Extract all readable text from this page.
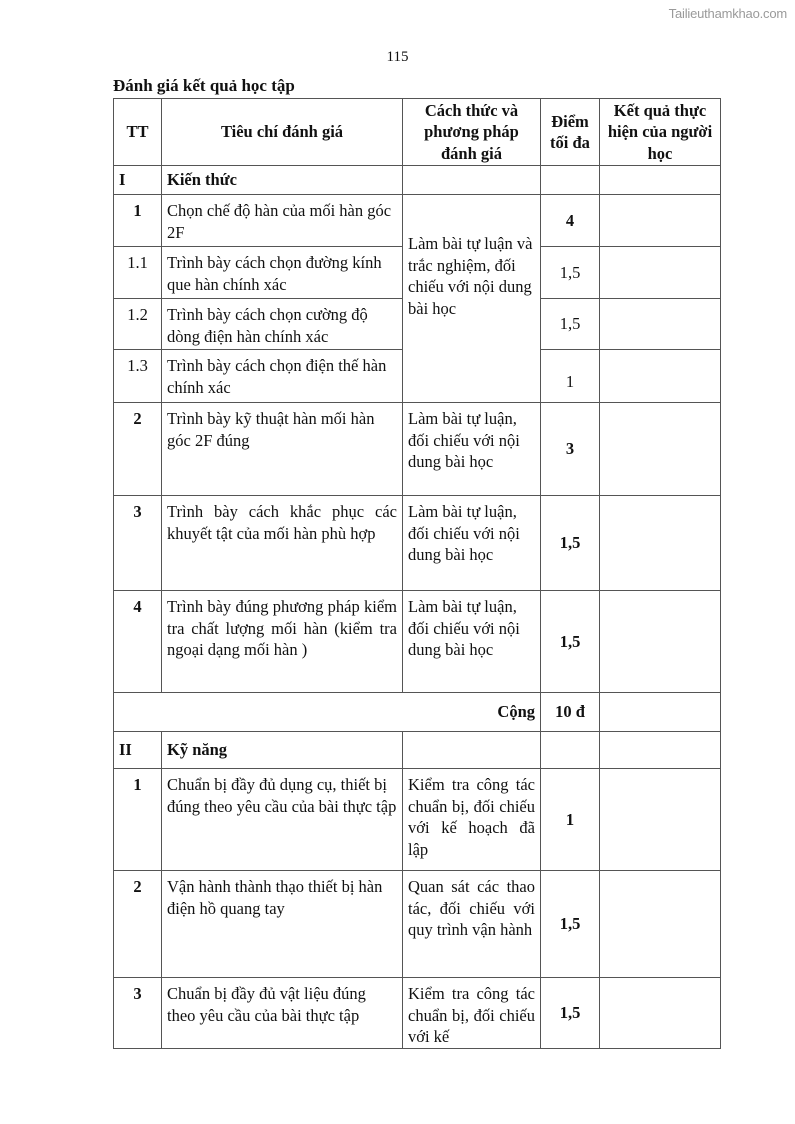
Tailieuthamkhao.com
115
Đánh giá kết quả học tập
TT	Tiêu chí đánh giá	Cách thức và phương pháp đánh giá	Điểm tối đa	Kết quả thực hiện của người học
I	Kiến thức			
1	Chọn chế độ hàn của mối hàn góc 2F	Làm bài tự luận và trắc nghiệm, đối chiếu với nội dung bài học	4	
1.1	Trình bày cách chọn đường kính que hàn chính xác		1,5	
1.2	Trình bày cách chọn cường độ dòng điện hàn chính xác		1,5	
1.3	Trình bày cách chọn điện thế hàn chính xác		1	
2	Trình bày kỹ thuật hàn mối hàn góc 2F đúng	Làm bài tự luận, đối chiếu với nội dung bài học	3	
3	Trình bày cách khắc phục các khuyết tật của mối hàn phù hợp	Làm bài tự luận, đối chiếu với nội dung bài học	1,5	
4	Trình bày đúng phương pháp kiểm tra chất lượng mối hàn (kiểm tra ngoại dạng mối hàn )	Làm bài tự luận, đối chiếu với nội dung bài học	1,5	
Cộng			10 đ	
II	Kỹ năng			
1	Chuẩn bị đầy đủ dụng cụ, thiết bị đúng theo yêu cầu của bài thực tập	Kiểm tra công tác chuẩn bị, đối chiếu với kế hoạch đã lập	1	
2	Vận hành thành thạo thiết bị hàn điện hồ quang tay	Quan sát các thao tác, đối chiếu với quy trình vận hành	1,5	
3	Chuẩn bị đầy đủ vật liệu đúng theo yêu cầu của bài thực tập	Kiểm tra công tác chuẩn bị, đối chiếu với kế	1,5	
